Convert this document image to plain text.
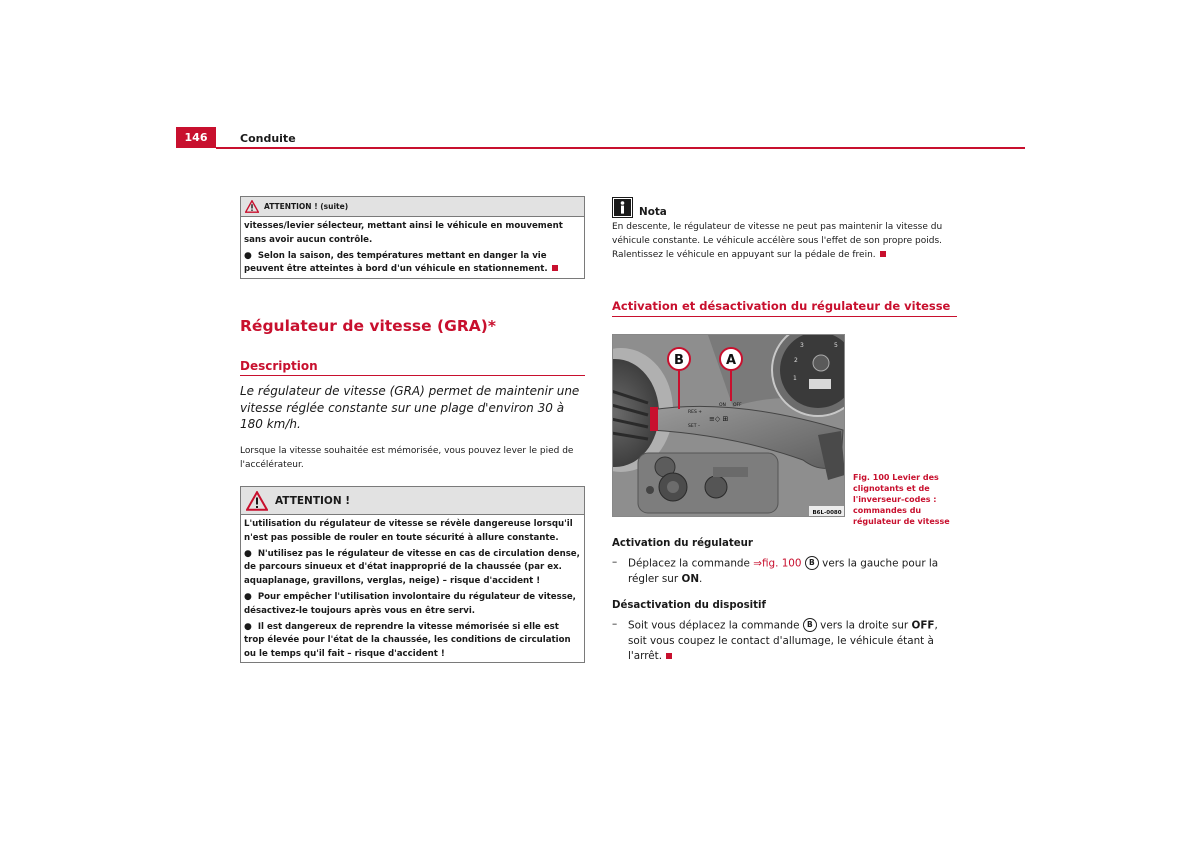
146	Conduite
ATTENTION ! (suite)

vitesses/levier sélecteur, mettant ainsi le véhicule en mouvement sans avoir aucun contrôle.

● Selon la saison, des températures mettant en danger la vie peuvent être atteintes à bord d'un véhicule en stationnement.

Régulateur de vitesse (GRA)*
Description
Le régulateur de vitesse (GRA) permet de maintenir une vitesse réglée constante sur une plage d'environ 30 à 180 km/h.
Lorsque la vitesse souhaitée est mémorisée, vous pouvez lever le pied de l'accélérateur.
ATTENTION !

L'utilisation du régulateur de vitesse se révèle dangereuse lorsqu'il n'est pas possible de rouler en toute sécurité à allure constante.

● N'utilisez pas le régulateur de vitesse en cas de circulation dense, de parcours sinueux et d'état inapproprié de la chaussée (par ex. aquaplanage, gravillons, verglas, neige) – risque d'accident !

● Pour empêcher l'utilisation involontaire du régulateur de vitesse, désactivez-le toujours après vous en être servi.

● Il est dangereux de reprendre la vitesse mémorisée si elle est trop élevée pour l'état de la chaussée, les conditions de circulation ou le temps qu'il fait – risque d'accident !

Nota
En descente, le régulateur de vitesse ne peut pas maintenir la vitesse du véhicule constante. Le véhicule accélère sous l'effet de son propre poids. Ralentissez le véhicule en appuyant sur la pédale de frein.
Activation et désactivation du régulateur de vitesse
3
2
1
5
RES +
SET –
ON OFF
≡◇ ⊞
B	A
B6L-0080
Fig. 100 Levier des clignotants et de l'inverseur-codes : commandes du régulateur de vitesse
Activation du régulateur
– Déplacez la commande ⇒fig. 100 B vers la gauche pour la régler sur ON.
Désactivation du dispositif
– Soit vous déplacez la commande B vers la droite sur OFF, soit vous coupez le contact d'allumage, le véhicule étant à l'arrêt.
